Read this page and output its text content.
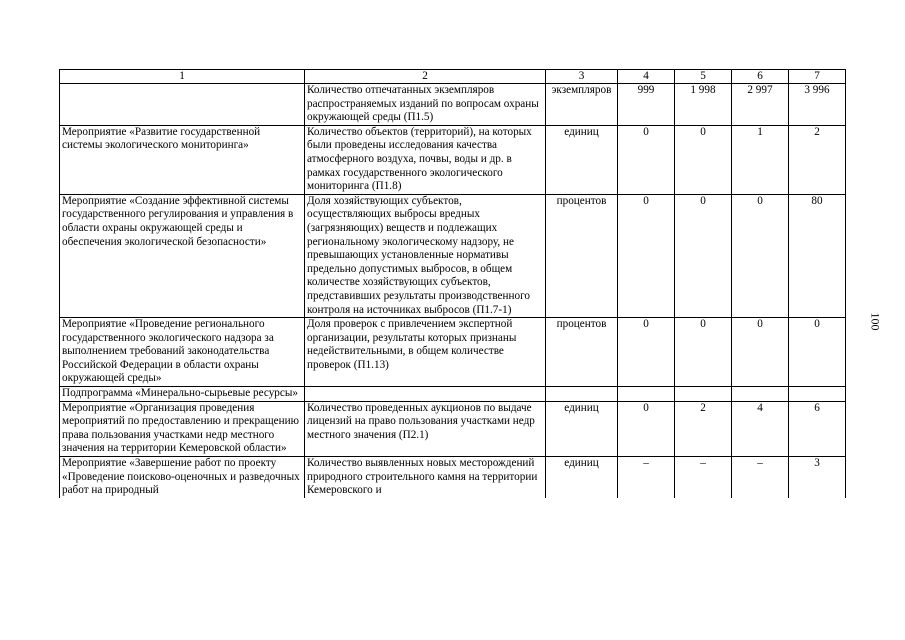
1	2	3	4	5	6	7
	Количество отпечатанных экземпляров распространяемых изданий по вопросам охраны окружающей среды (П1.5)	экземпляров	999	1 998	2 997	3 996
Мероприятие «Развитие государственной системы экологического мониторинга»	Количество объектов (территорий), на которых были проведены исследования качества атмосферного воздуха, почвы, воды и др. в рамках государственного экологического мониторинга (П1.8)	единиц	0	0	1	2
Мероприятие «Создание эффективной системы государственного регулирования и управления в области охраны окружающей среды и обеспечения экологической безопасности»	Доля хозяйствующих субъектов, осуществляющих выбросы вредных (загрязняющих) веществ и подлежащих региональному экологическому надзору, не превышающих установленные нормативы предельно допустимых выбросов, в общем количестве хозяйствующих субъектов, представивших результаты производственного контроля на источниках выбросов (П1.7-1)	процентов	0	0	0	80
Мероприятие «Проведение регионального государственного экологического надзора за выполнением требований законодательства Российской Федерации в области охраны окружающей среды»	Доля проверок с привлечением экспертной организации, результаты которых признаны недействительными, в общем количестве проверок (П1.13)	процентов	0	0	0	0
Подпрограмма «Минерально-сырьевые ресурсы»						
Мероприятие «Организация проведения мероприятий по предоставлению и прекращению права пользования участками недр местного значения на территории Кемеровской области»	Количество проведенных аукционов по выдаче лицензий на право пользования участками недр местного значения (П2.1)	единиц	0	2	4	6

Мероприятие «Завершение работ по проекту «Проведение поисково-оценочных и разведочных работ на природный	Количество выявленных новых месторождений природного строительного камня на территории Кемеровского и	единиц	–	–	–	3
100
